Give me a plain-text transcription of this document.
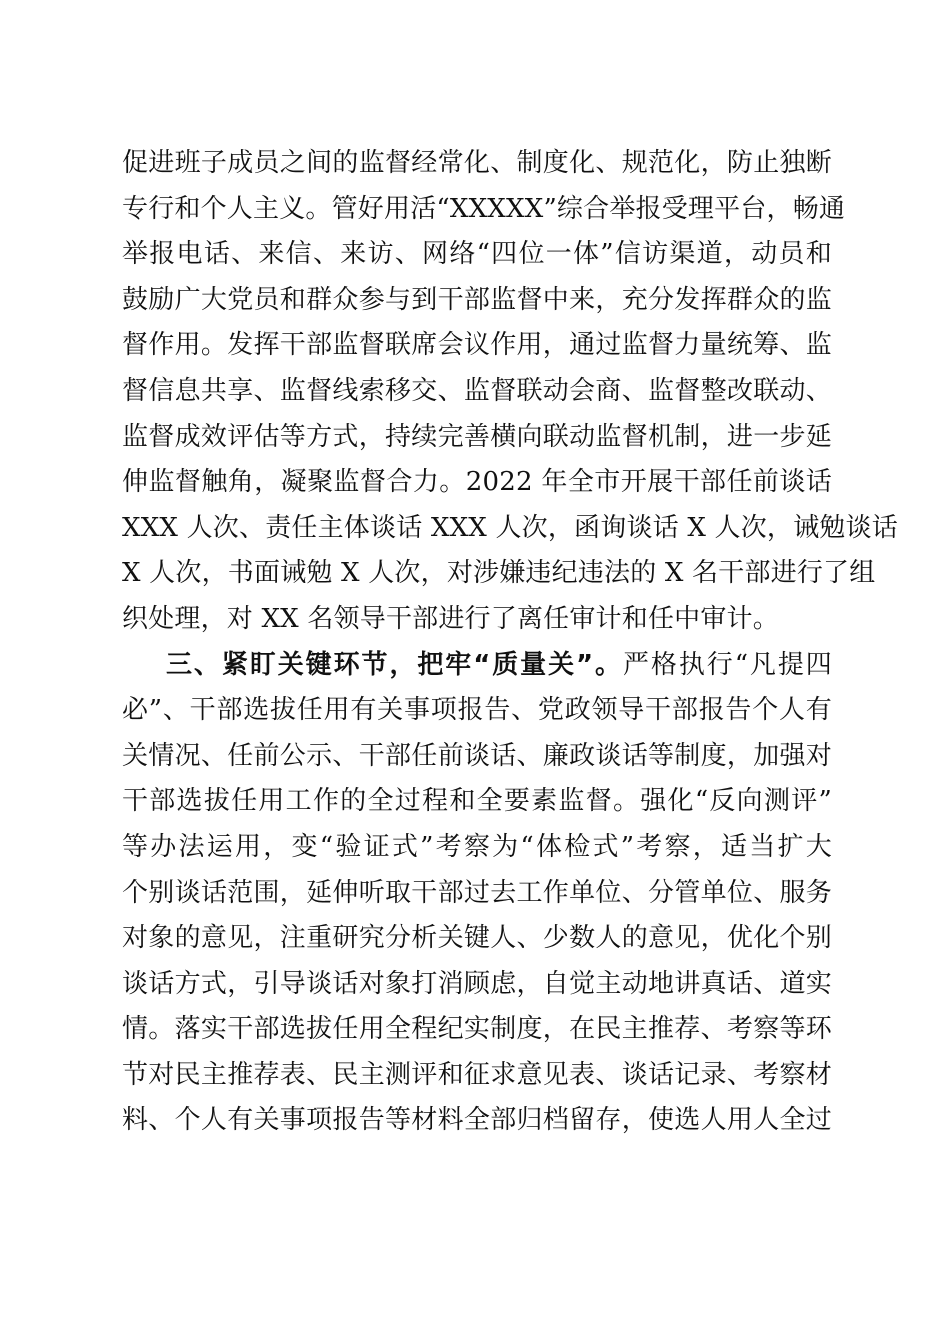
促进班子成员之间的监督经常化、制度化、规范化，防止独断
专行和个人主义。管好用活“XXXXX”综合举报受理平台，畅通
举报电话、来信、来访、网络“四位一体”信访渠道，动员和
鼓励广大党员和群众参与到干部监督中来，充分发挥群众的监
督作用。发挥干部监督联席会议作用，通过监督力量统筹、监
督信息共享、监督线索移交、监督联动会商、监督整改联动、
监督成效评估等方式，持续完善横向联动监督机制，进一步延
伸监督触角，凝聚监督合力。2022 年全市开展干部任前谈话
XXX 人次、责任主体谈话 XXX 人次，函询谈话 X 人次，诫勉谈话
X 人次，书面诫勉 X 人次，对涉嫌违纪违法的 X 名干部进行了组
织处理，对 XX 名领导干部进行了离任审计和任中审计。
三、紧盯关键环节，把牢“质量关”。严格执行“凡提四
必”、干部选拔任用有关事项报告、党政领导干部报告个人有
关情况、任前公示、干部任前谈话、廉政谈话等制度，加强对
干部选拔任用工作的全过程和全要素监督。强化“反向测评”
等办法运用，变“验证式”考察为“体检式”考察，适当扩大
个别谈话范围，延伸听取干部过去工作单位、分管单位、服务
对象的意见，注重研究分析关键人、少数人的意见，优化个别
谈话方式，引导谈话对象打消顾虑，自觉主动地讲真话、道实
情。落实干部选拔任用全程纪实制度，在民主推荐、考察等环
节对民主推荐表、民主测评和征求意见表、谈话记录、考察材
料、个人有关事项报告等材料全部归档留存，使选人用人全过
